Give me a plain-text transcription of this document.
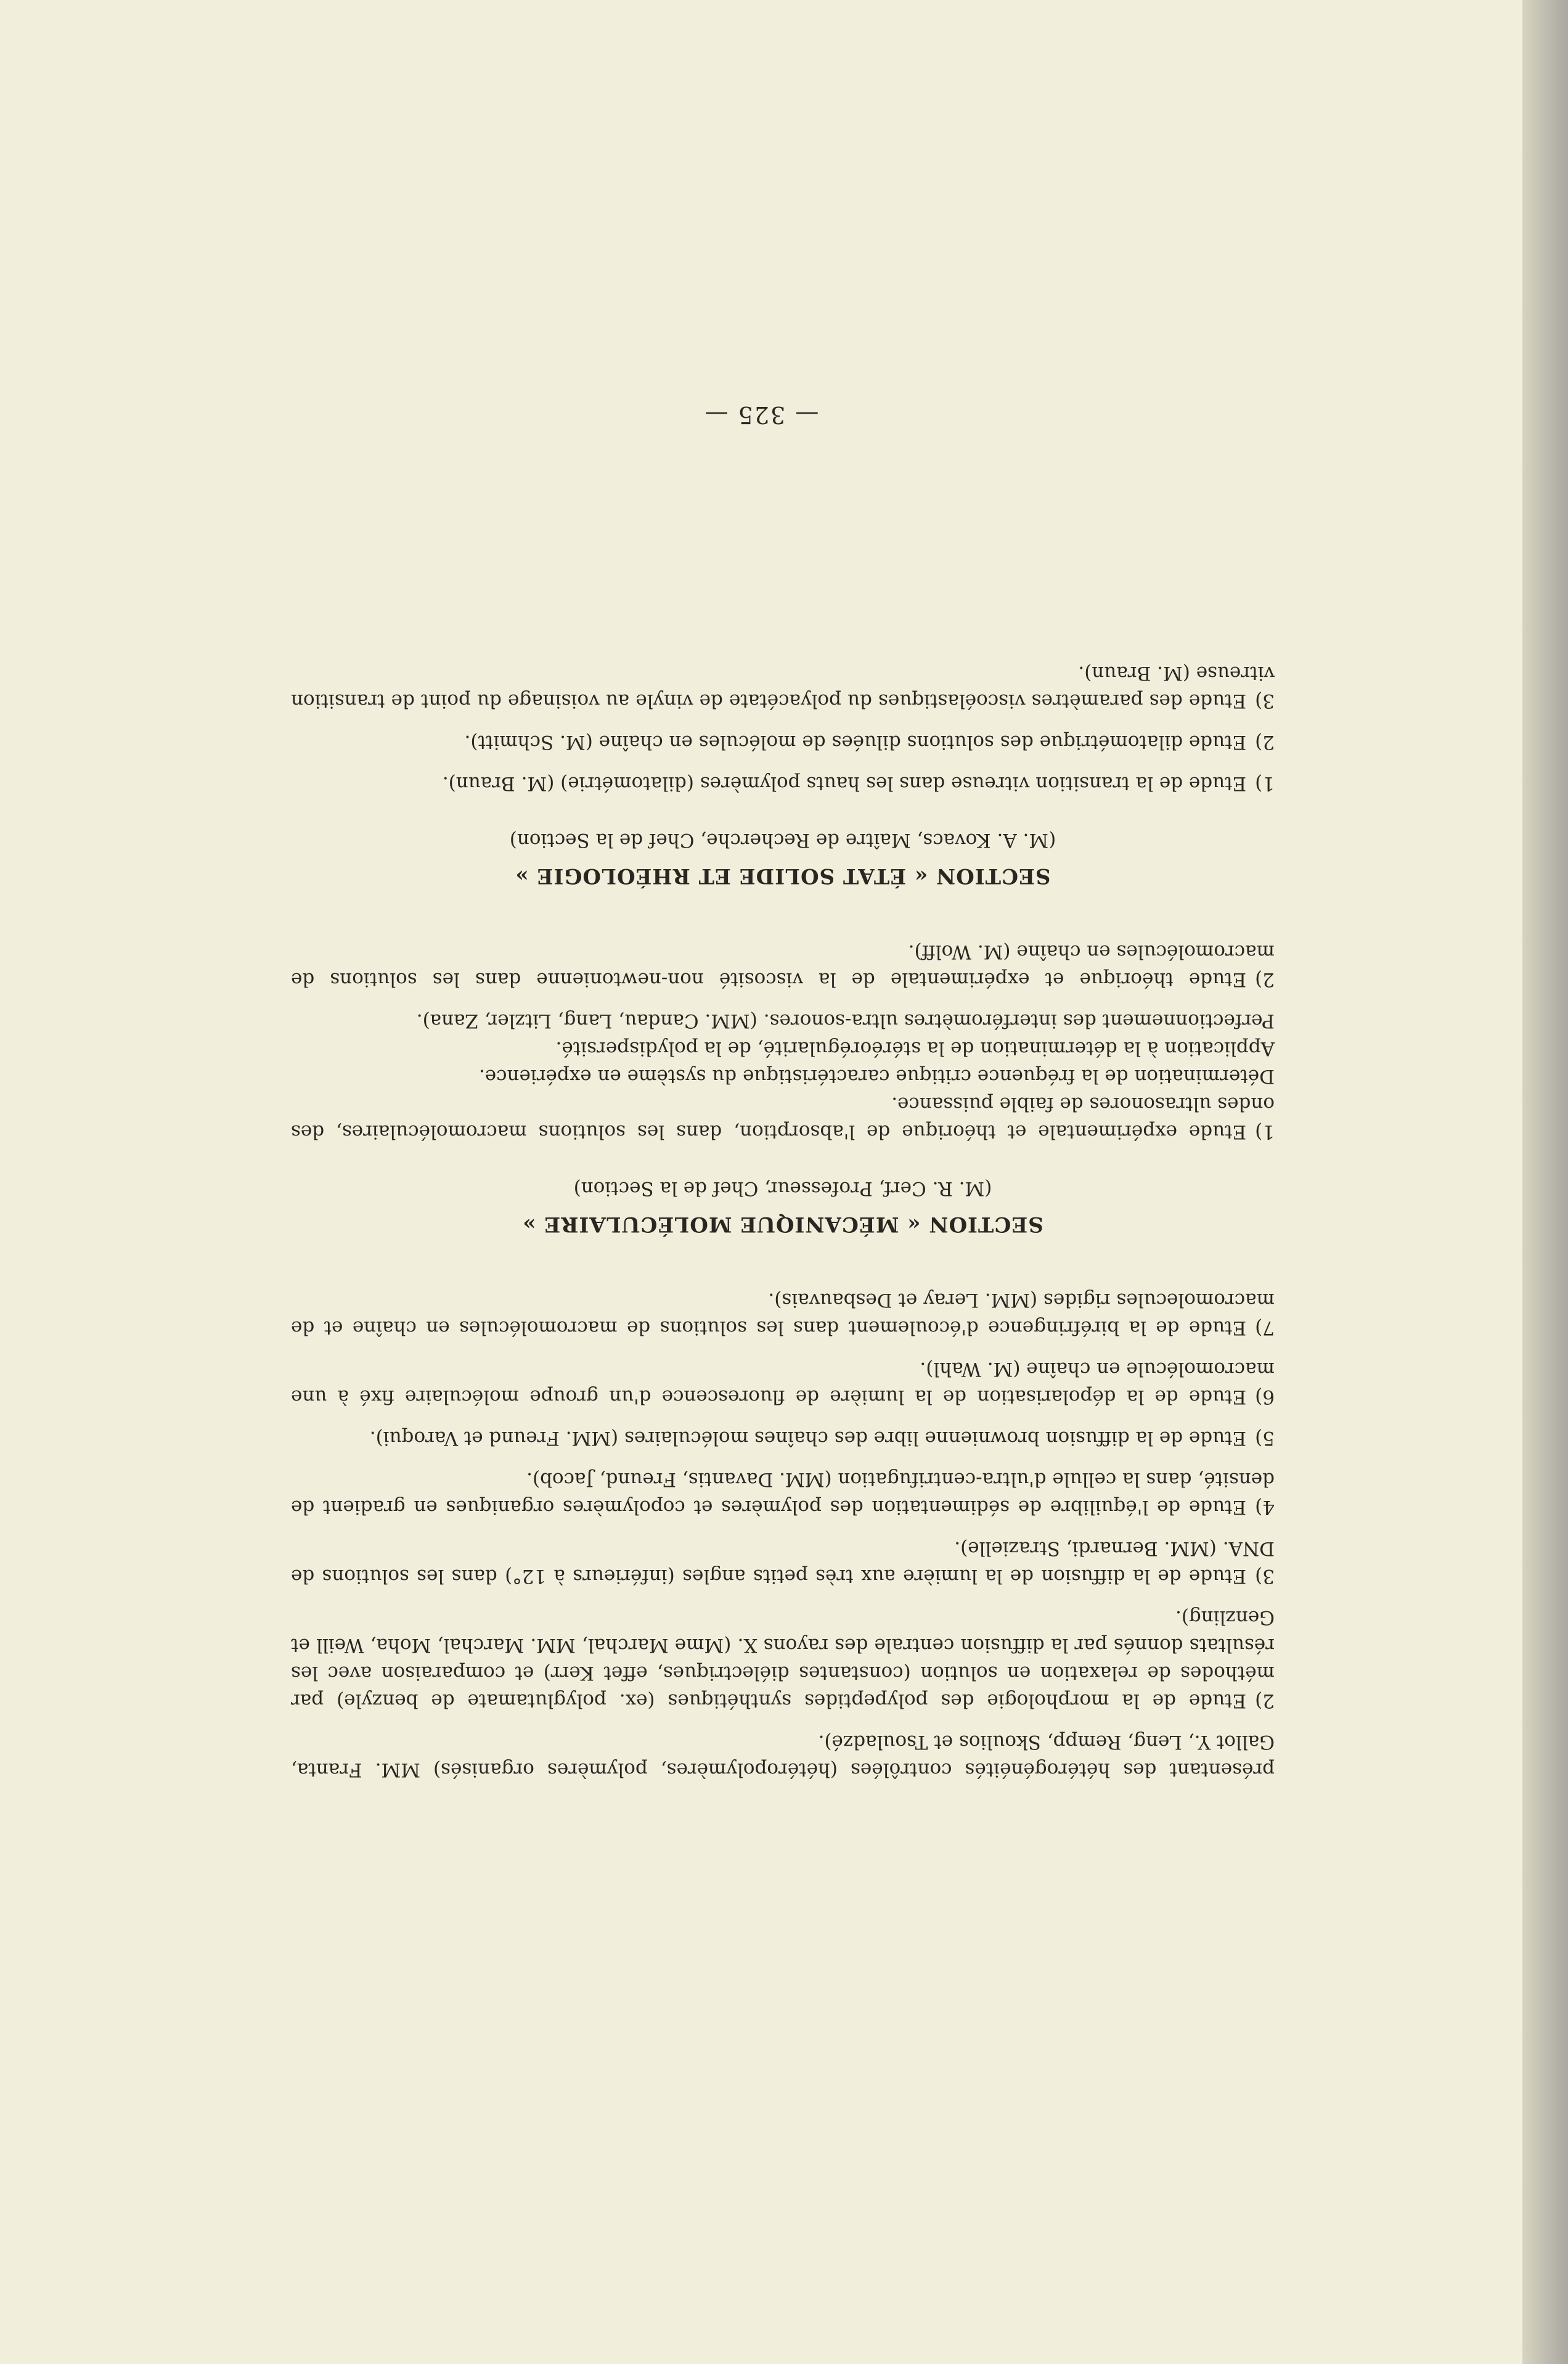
présentant des hétérogénéités contrôlées (hétéropolymères, polymères organisés) MM. Franta, Gallot Y., Leng, Rempp, Skoulios et Tsouladzé).

2)Etude de la morphologie des polypeptides synthétiques (ex. polyglutamate de benzyle) par méthodes de relaxation en solution (constantes diélectriques, effet Kerr) et comparaison avec les résultats donnés par la diffusion centrale des rayons X. (Mme Marchal, MM. Marchal, Moha, Weill et Genzling).

3)Etude de la diffusion de la lumière aux très petits angles (inférieurs à 12°) dans les solutions de DNA. (MM. Bernardi, Strazielle).

4)Etude de l'équilibre de sédimentation des polymères et copolymères organiques en gradient de densité, dans la cellule d'ultra-centrifugation (MM. Davantis, Freund, Jacob).

5)Etude de la diffusion brownienne libre des chaînes moléculaires (MM. Freund et Varoqui).

6)Etude de la dépolarisation de la lumière de fluorescence d'un groupe moléculaire fixé à une macromolécule en chaîne (M. Wahl).

7)Etude de la biréfringence d'écoulement dans les solutions de macromolécules en chaîne et de macromolecules rigides (MM. Leray et Desbauvais).

SECTION « MÉCANIQUE MOLÉCULAIRE »
(M. R. Cerf, Professeur, Chef de la Section)

1)Etude expérimentale et théorique de l'absorption, dans les solutions macromoléculaires, des ondes ultrasonores de faible puissance.
Détermination de la fréquence critique caractéristique du système en expérience.
Application à la détermination de la stéréorégularité, de la polydispersité.
Perfectionnement des interféromètres ultra-sonores. (MM. Candau, Lang, Litzler, Zana).

2)Etude théorique et expérimentale de la viscosité non-newtonienne dans les solutions de macromolécules en chaîne (M. Wolff).

SECTION « ÉTAT SOLIDE ET RHÉOLOGIE »
(M. A. Kovacs, Maître de Recherche, Chef de la Section)

1)Etude de la transition vitreuse dans les hauts polymères (dilatométrie) (M. Braun).

2)Etude dilatométrique des solutions diluées de molécules en chaîne (M. Schmitt).

3)Etude des paramètres viscoélastiques du polyacétate de vinyle au voisinage du point de transition vitreuse (M. Braun).

— 325 —
